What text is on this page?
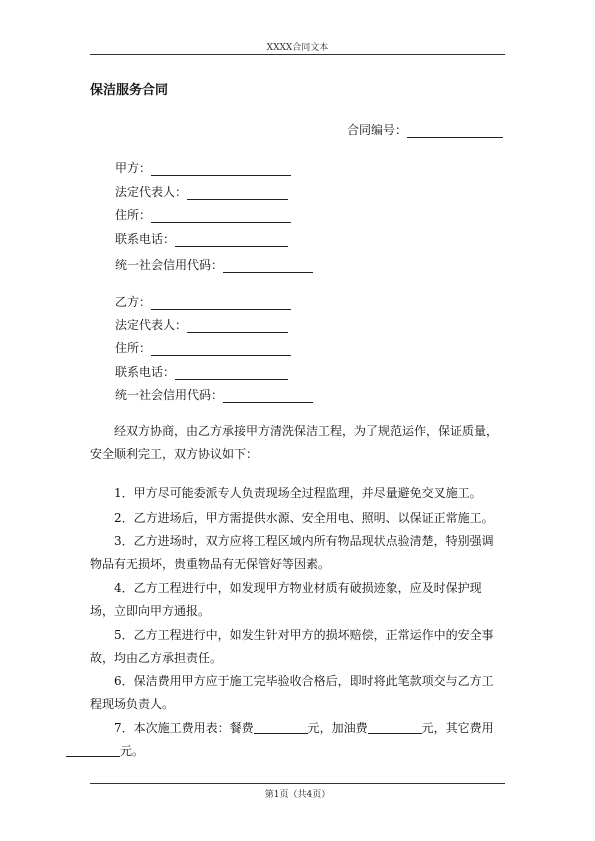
XXXX合同文本
保洁服务合同
合同编号：
甲方：
法定代表人：
住所：
联系电话：
统一社会信用代码：
乙方：
法定代表人：
住所：
联系电话：
统一社会信用代码：

经双方协商，由乙方承接甲方清洗保洁工程，为了规范运作，保证质量，安全顺利完工，双方协议如下：

1．甲方尽可能委派专人负责现场全过程监理，并尽量避免交叉施工。

2．乙方进场后，甲方需提供水源、安全用电、照明、以保证正常施工。

3．乙方进场时，双方应将工程区域内所有物品现状点验清楚，特别强调物品有无损坏，贵重物品有无保管好等因素。

4．乙方工程进行中，如发现甲方物业材质有破损迹象，应及时保护现场，立即向甲方通报。

5．乙方工程进行中，如发生针对甲方的损坏赔偿，正常运作中的安全事故，均由乙方承担责任。

6．保洁费用甲方应于施工完毕验收合格后，即时将此笔款项交与乙方工程现场负责人。

7．本次施工费用表：餐费	元，加油费	元，其它费用
元。

第1页（共4页）
